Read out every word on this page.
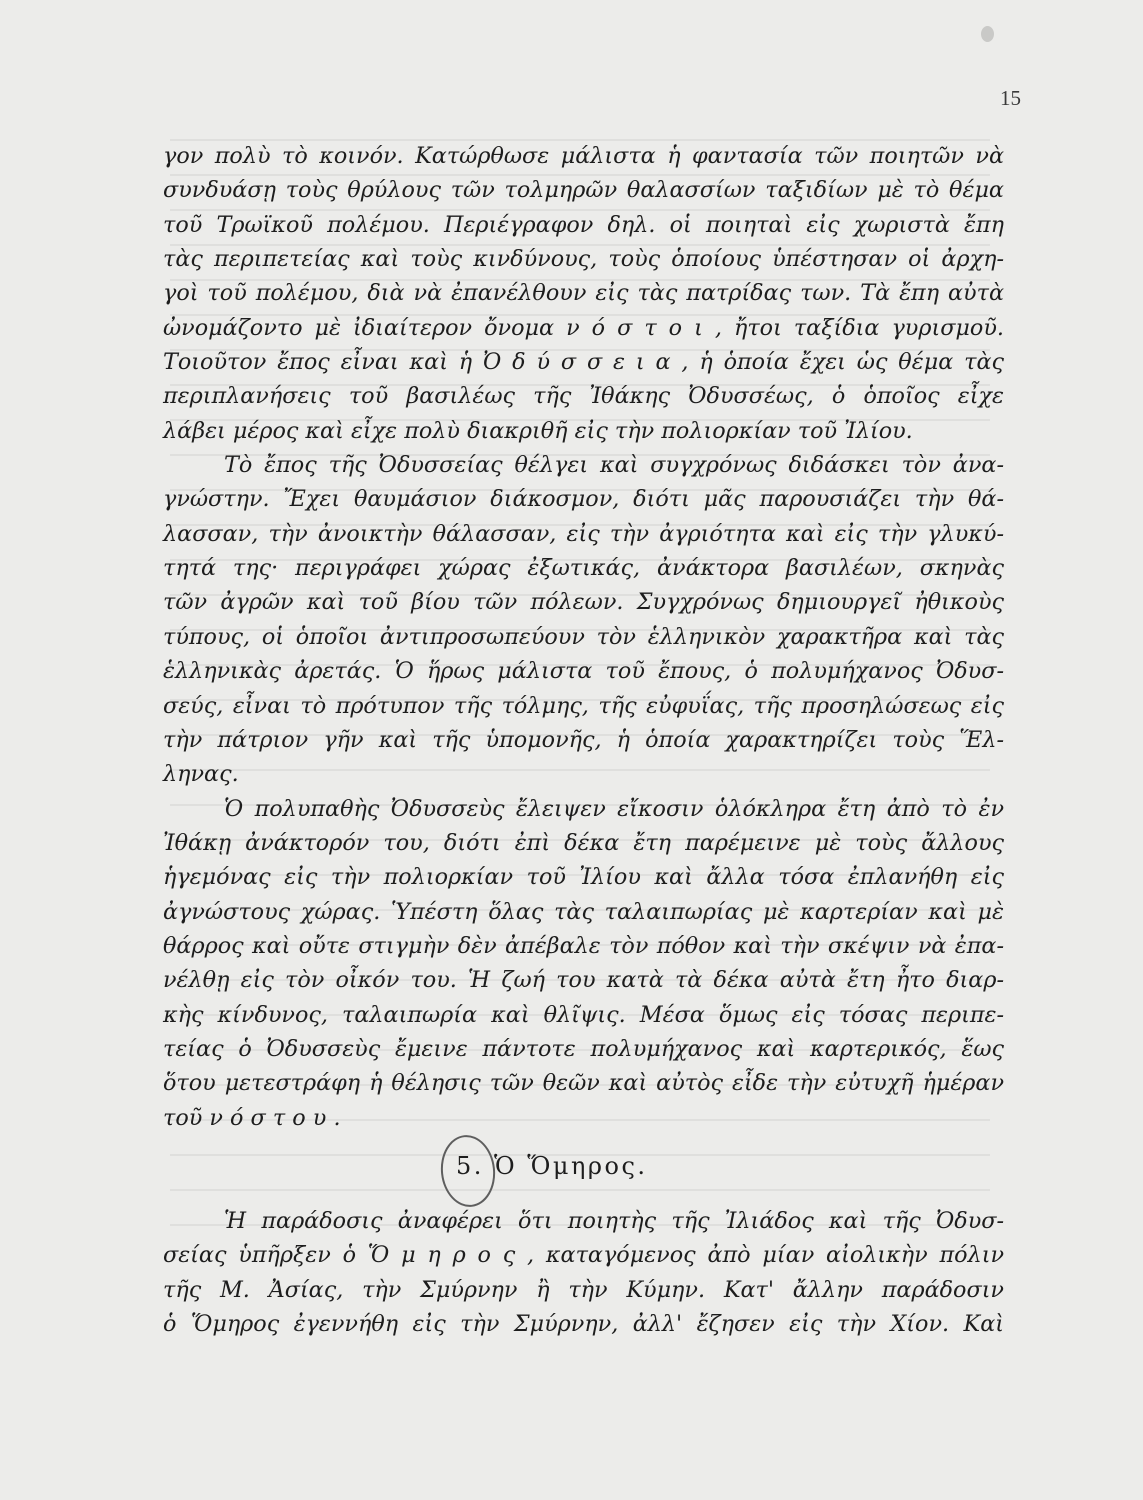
15
γον πολὺ τὸ κοινόν. Κατώρθωσε μάλιστα ἡ φαντασία τῶν ποιητῶν νὰ
συνδυάσῃ τοὺς θρύλους τῶν τολμηρῶν θαλασσίων ταξιδίων μὲ τὸ θέμα
τοῦ Τρωϊκοῦ πολέμου. Περιέγραφον δηλ. οἱ ποιηταὶ εἰς χωριστὰ ἔπη
τὰς περιπετείας καὶ τοὺς κινδύνους, τοὺς ὁποίους ὑπέστησαν οἱ ἀρχη-
γοὶ τοῦ πολέμου, διὰ νὰ ἐπανέλθουν εἰς τὰς πατρίδας των. Τὰ ἔπη αὐτὰ
ὠνομάζοντο μὲ ἰδιαίτερον ὄνομα ν ό σ τ ο ι , ἤτοι ταξίδια γυρισμοῦ.
Τοιοῦτον ἔπος εἶναι καὶ ἡ Ὀ δ ύ σ σ ε ι α , ἡ ὁποία ἔχει ὡς θέμα τὰς
περιπλανήσεις τοῦ βασιλέως τῆς Ἰθάκης Ὀδυσσέως, ὁ ὁποῖος εἶχε
λάβει μέρος καὶ εἶχε πολὺ διακριθῆ εἰς τὴν πολιορκίαν τοῦ Ἰλίου.
Τὸ ἔπος τῆς Ὀδυσσείας θέλγει καὶ συγχρόνως διδάσκει τὸν ἀνα-
γνώστην. Ἔχει θαυμάσιον διάκοσμον, διότι μᾶς παρουσιάζει τὴν θά-
λασσαν, τὴν ἀνοικτὴν θάλασσαν, εἰς τὴν ἀγριότητα καὶ εἰς τὴν γλυκύ-
τητά της· περιγράφει χώρας ἐξωτικάς, ἀνάκτορα βασιλέων, σκηνὰς
τῶν ἀγρῶν καὶ τοῦ βίου τῶν πόλεων. Συγχρόνως δημιουργεῖ ἠθικοὺς
τύπους, οἱ ὁποῖοι ἀντιπροσωπεύουν τὸν ἑλληνικὸν χαρακτῆρα καὶ τὰς
ἑλληνικὰς ἀρετάς. Ὁ ἥρως μάλιστα τοῦ ἔπους, ὁ πολυμήχανος Ὀδυσ-
σεύς, εἶναι τὸ πρότυπον τῆς τόλμης, τῆς εὐφυΐας, τῆς προσηλώσεως εἰς
τὴν πάτριον γῆν καὶ τῆς ὑπομονῆς, ἡ ὁποία χαρακτηρίζει τοὺς Ἕλ-
ληνας.
Ὁ πολυπαθὴς Ὀδυσσεὺς ἔλειψεν εἴκοσιν ὁλόκληρα ἔτη ἀπὸ τὸ ἐν
Ἰθάκῃ ἀνάκτορόν του, διότι ἐπὶ δέκα ἔτη παρέμεινε μὲ τοὺς ἄλλους
ἡγεμόνας εἰς τὴν πολιορκίαν τοῦ Ἰλίου καὶ ἄλλα τόσα ἐπλανήθη εἰς
ἀγνώστους χώρας. Ὑπέστη ὅλας τὰς ταλαιπωρίας μὲ καρτερίαν καὶ μὲ
θάρρος καὶ οὔτε στιγμὴν δὲν ἀπέβαλε τὸν πόθον καὶ τὴν σκέψιν νὰ ἐπα-
νέλθῃ εἰς τὸν οἶκόν του. Ἡ ζωή του κατὰ τὰ δέκα αὐτὰ ἔτη ἦτο διαρ-
κὴς κίνδυνος, ταλαιπωρία καὶ θλῖψις. Μέσα ὅμως εἰς τόσας περιπε-
τείας ὁ Ὀδυσσεὺς ἔμεινε πάντοτε πολυμήχανος καὶ καρτερικός, ἕως
ὅτου μετεστράφη ἡ θέλησις τῶν θεῶν καὶ αὐτὸς εἶδε τὴν εὐτυχῆ ἡμέραν
τοῦ ν ό σ τ ο υ .
5. Ὁ Ὅμηρος.
Ἡ παράδοσις ἀναφέρει ὅτι ποιητὴς τῆς Ἰλιάδος καὶ τῆς Ὀδυσ-
σείας ὑπῆρξεν ὁ Ὅ μ η ρ ο ς , καταγόμενος ἀπὸ μίαν αἰολικὴν πόλιν
τῆς Μ. Ἀσίας, τὴν Σμύρνην ἢ τὴν Κύμην. Κατ' ἄλλην παράδοσιν
ὁ Ὅμηρος ἐγεννήθη εἰς τὴν Σμύρνην, ἀλλ' ἔζησεν εἰς τὴν Χίον. Καὶ
